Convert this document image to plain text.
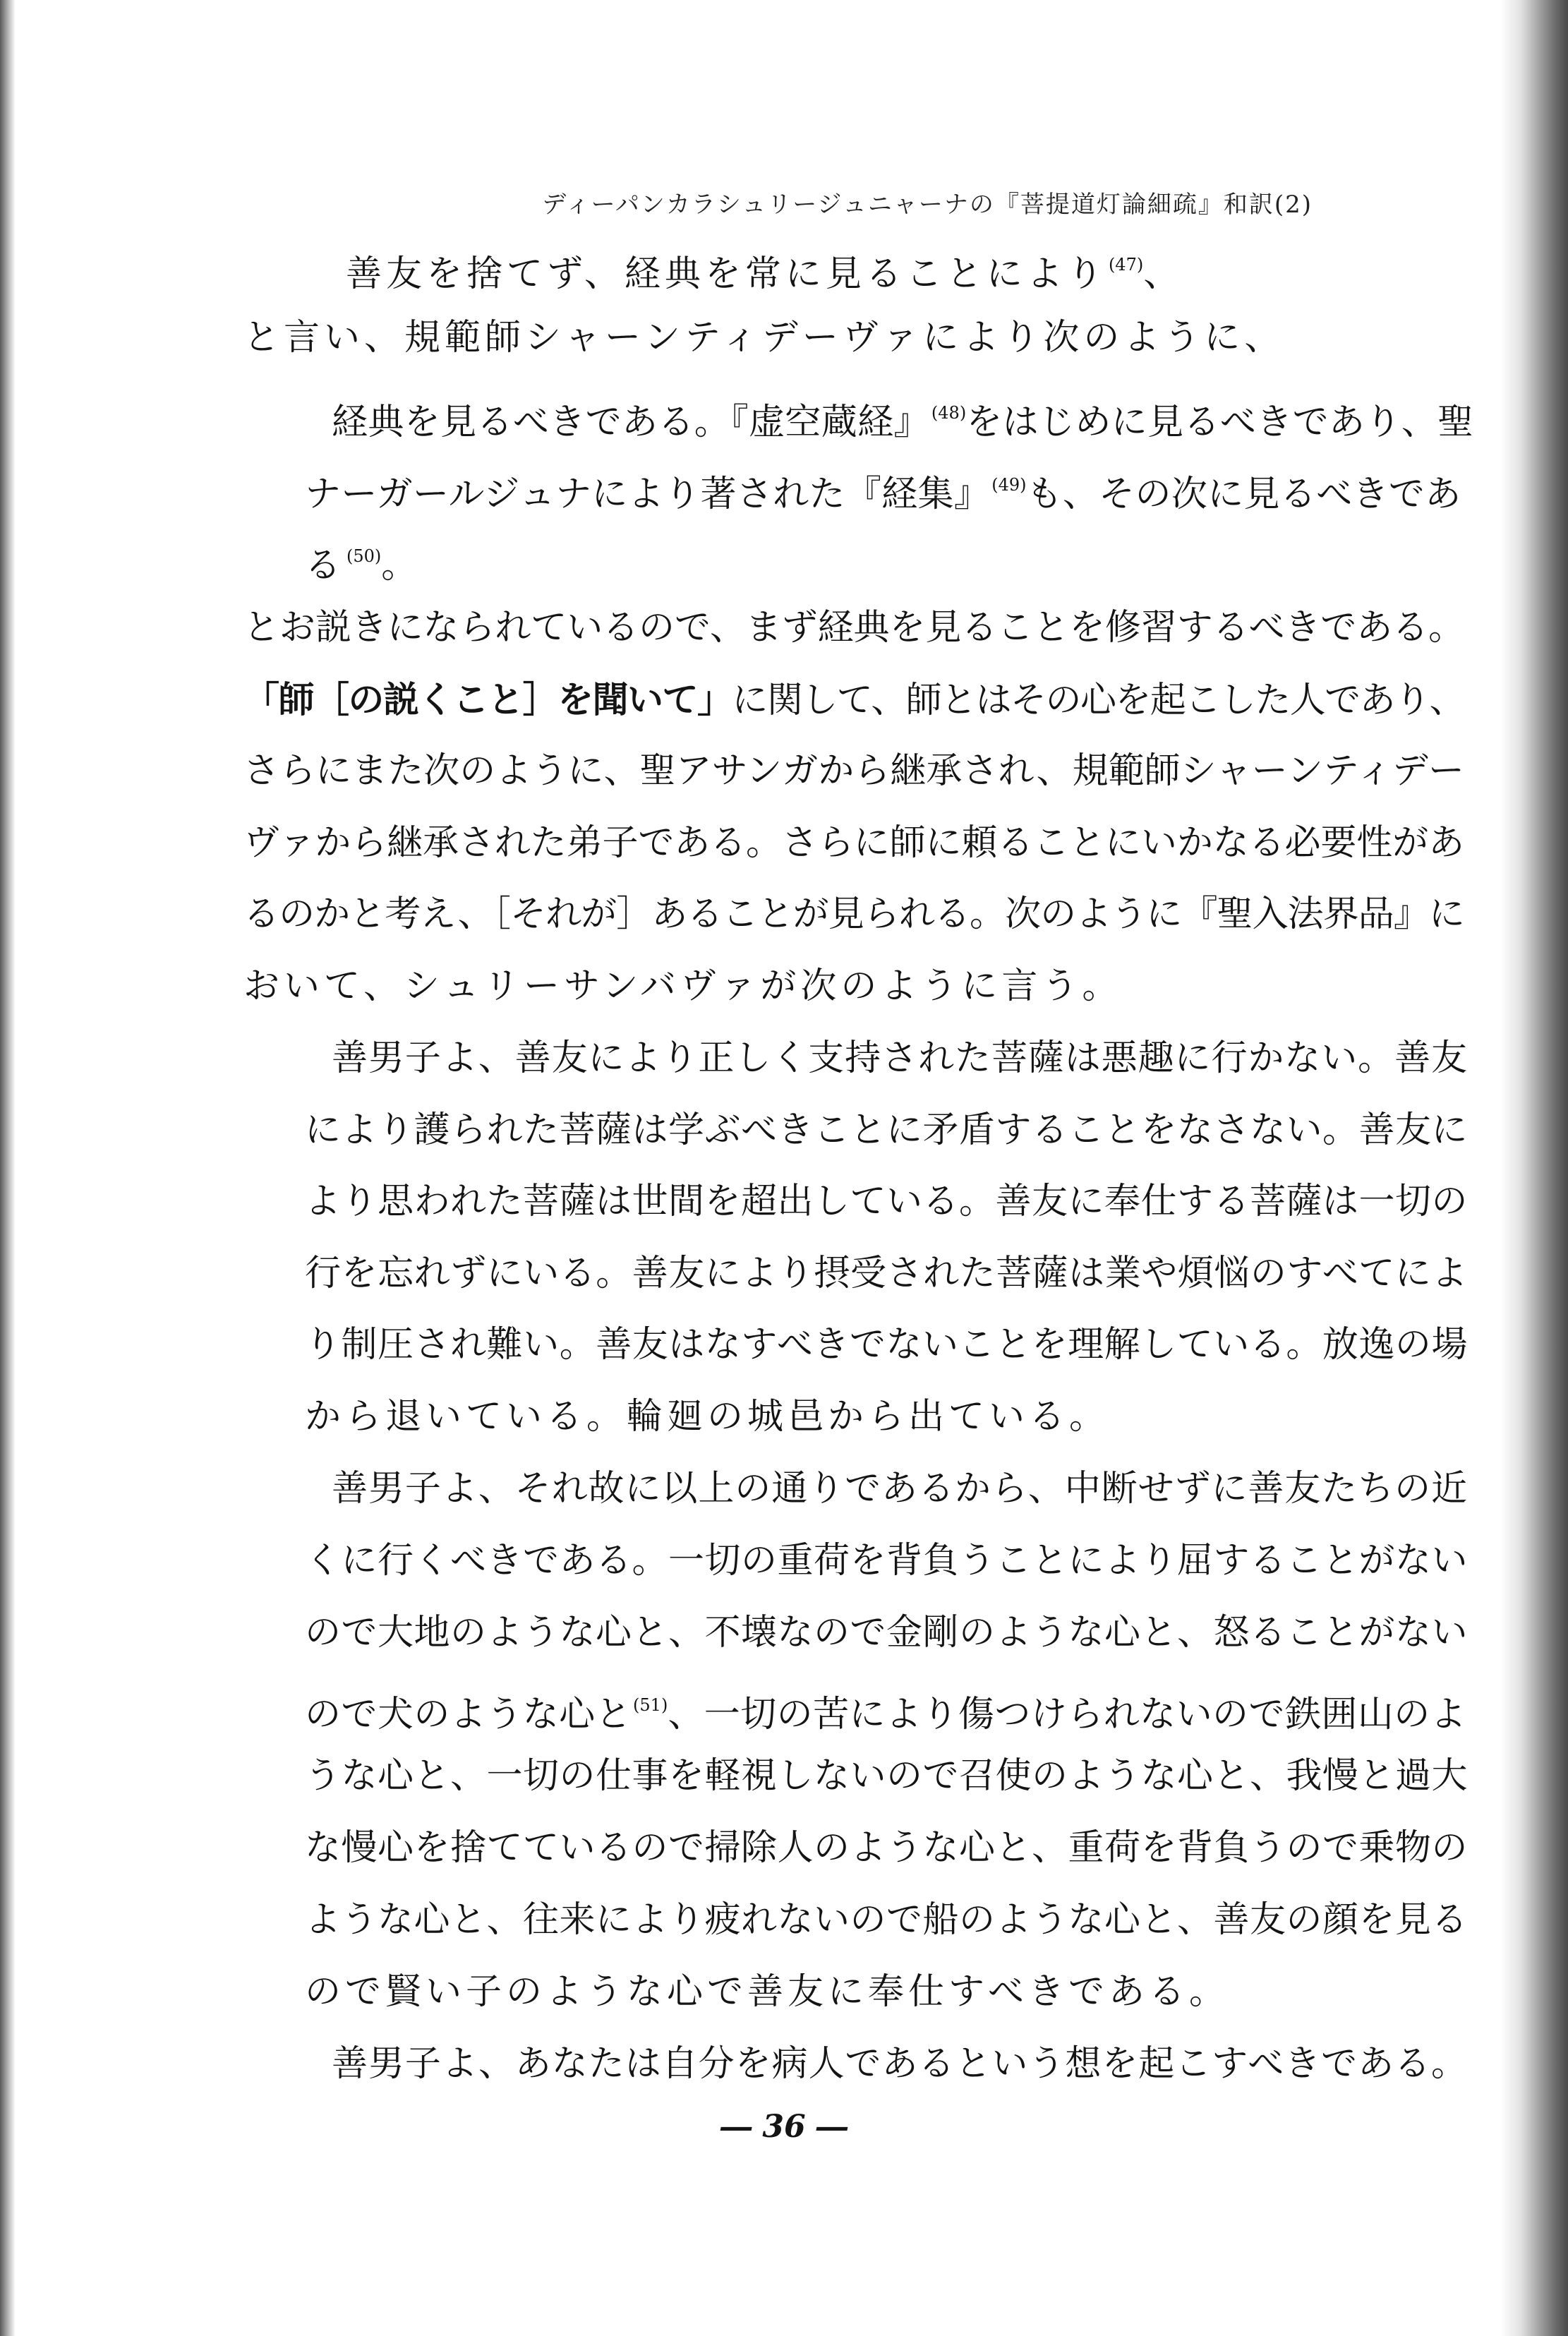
ディーパンカラシュリージュニャーナの『菩提道灯論細疏』和訳(2)
善友を捨てず、経典を常に見ることにより$^{(47)}$、
と言い、規範師シャーンティデーヴァにより次のように、
経典を見るべきである。『虚空蔵経』$^{(48)}$をはじめに見るべきであり、聖
ナーガールジュナにより著された『経集』$^{(49)}$も、その次に見るべきであ
る$^{(50)}$。
とお説きになられているので、まず経典を見ることを修習するべきである。
「師［の説くこと］を聞いて」に関して、師とはその心を起こした人であり、
さらにまた次のように、聖アサンガから継承され、規範師シャーンティデー
ヴァから継承された弟子である。さらに師に頼ることにいかなる必要性があ
るのかと考え、［それが］あることが見られる。次のように『聖入法界品』に
おいて、シュリーサンバヴァが次のように言う。
善男子よ、善友により正しく支持された菩薩は悪趣に行かない。善友
により護られた菩薩は学ぶべきことに矛盾することをなさない。善友に
より思われた菩薩は世間を超出している。善友に奉仕する菩薩は一切の
行を忘れずにいる。善友により摂受された菩薩は業や煩悩のすべてによ
り制圧され難い。善友はなすべきでないことを理解している。放逸の場
から退いている。輪廻の城邑から出ている。
善男子よ、それ故に以上の通りであるから、中断せずに善友たちの近
くに行くべきである。一切の重荷を背負うことにより屈することがない
ので大地のような心と、不壊なので金剛のような心と、怒ることがない
ので犬のような心と$^{(51)}$、一切の苦により傷つけられないので鉄囲山のよ
うな心と、一切の仕事を軽視しないので召使のような心と、我慢と過大
な慢心を捨てているので掃除人のような心と、重荷を背負うので乗物の
ような心と、往来により疲れないので船のような心と、善友の顔を見る
ので賢い子のような心で善友に奉仕すべきである。
善男子よ、あなたは自分を病人であるという想を起こすべきである。
― 36 ―
